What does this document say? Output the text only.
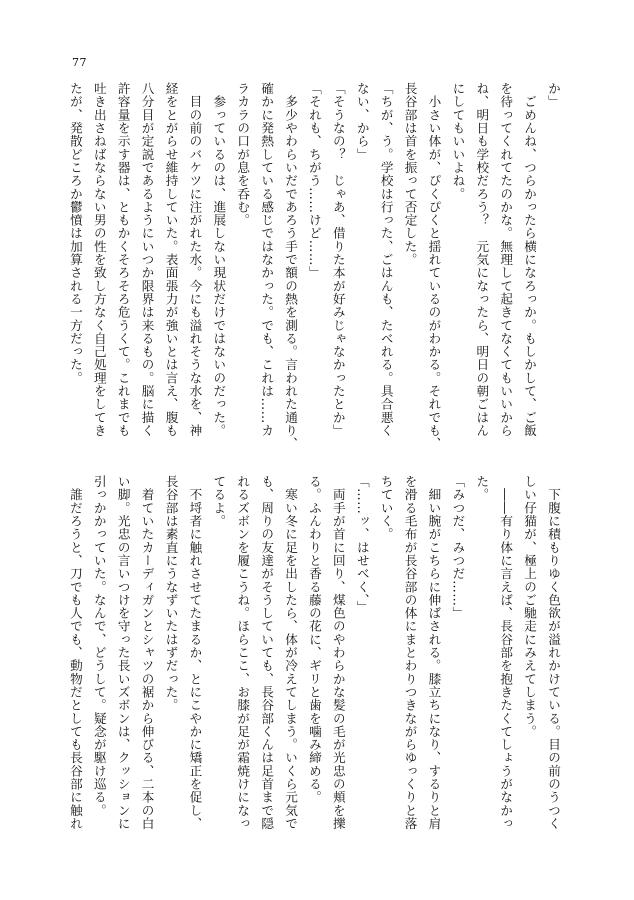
77

か」

　ごめんね、つらかったら横になろっか。もしかして、ご飯

を待ってくれてたのかな。無理して起きてなくてもいいから

ね、明日も学校だろう？　元気になったら、明日の朝ごはん

にしてもいいよね。

　小さい体が、ぴくぴくと揺れているのがわかる。それでも、

長谷部は首を振って否定した。

「ちが、う。学校は行った、ごはんも、たべれる。具合悪く

ない、から」

「そうなの？　じゃあ、借りた本が好みじゃなかったとか」

「それも、ちがう……けど……」

　多少やわらいだであろう手で額の熱を測る。言われた通り、

確かに発熱している感じではなかった。でも、これは……カ

ラカラの口が息を呑む。

　参っているのは、進展しない現状だけではないのだった。

　目の前のバケツに注がれた水。今にも溢れそうな水を、神

経をとがらせ維持していた。表面張力が強いとは言え、腹も

八分目が定説であるようにいつか限界は来るもの。脳に描く

許容量を示す器は、ともかくそろそろ危うくて。これまでも

吐き出さねばならない男の性を致し方なく自己処理をしてき

たが、発散どころか鬱憤は加算される一方だった。

　下腹に積もりゆく色欲が溢れかけている。目の前のうつく

しい仔猫が、極上のご馳走にみえてしまう。

　――有り体に言えば、長谷部を抱きたくてしょうがなかっ

た。

「みつだ、みつだ……」

　細い腕がこちらに伸ばされる。膝立ちになり、するりと肩

を滑る毛布が長谷部の体にまとわりつきながらゆっくりと落

ちていく。

「……ッ、はせべく、」

　両手が首に回り、煤色のやわらかな髪の毛が光忠の頬を擽

る。ふんわりと香る藤の花に、ギリと歯を噛み締める。

　寒い冬に足を出したら、体が冷えてしまう。いくら元気で

も、周りの友達がそうしていても、長谷部くんは足首まで隠

れるズボンを履こうね。ほらここ、お膝が足が霜焼けになっ

てるよ。

　不埒者に触れさせてたまるか、とにこやかに矯正を促し、

長谷部は素直にうなずいたはずだった。

　着ていたカーディガンとシャツの裾から伸びる、二本の白

い脚。光忠の言いつけを守った長いズボンは、クッションに

引っかかっていた。なんで、どうして。疑念が駆け巡る。

　誰だろうと、刀でも人でも、動物だとしても長谷部に触れ
